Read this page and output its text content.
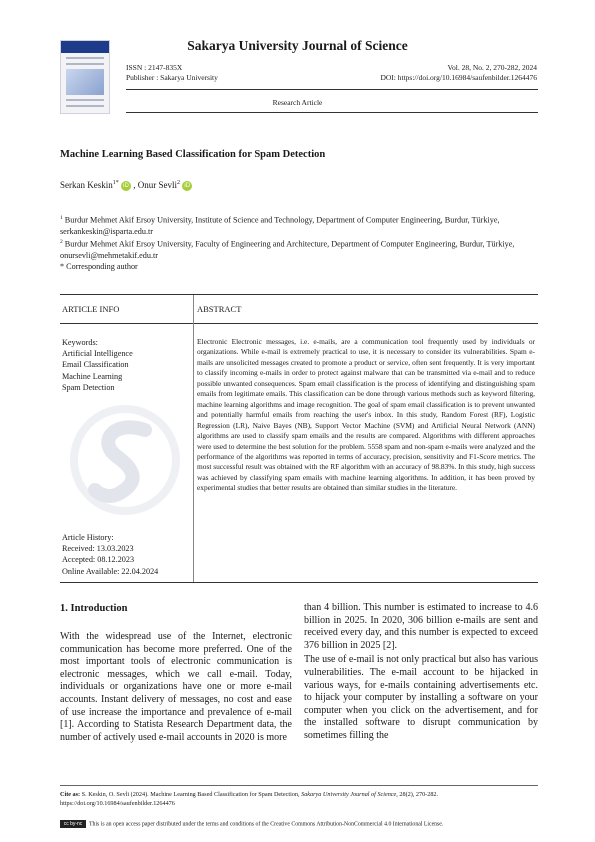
Sakarya University Journal of Science
ISSN : 2147-835X
Publisher : Sakarya University
Vol. 28, No. 2, 270-282, 2024
DOI: https://doi.org/10.16984/saufenbilder.1264476
Research Article
Machine Learning Based Classification for Spam Detection
Serkan Keskin$^{1*}$ iD , Onur Sevli$^2$ iD
$^1$ Burdur Mehmet Akif Ersoy University, Institute of Science and Technology, Department of Computer Engineering, Burdur, Türkiye, serkankeskin@isparta.edu.tr
$^2$ Burdur Mehmet Akif Ersoy University, Faculty of Engineering and Architecture, Department of Computer Engineering, Burdur, Türkiye, onursevli@mehmetakif.edu.tr
* Corresponding author
ARTICLE INFO	ABSTRACT
Keywords:
Artificial Intelligence
Email Classification
Machine Learning
Spam Detection
Article History:
Received: 13.03.2023
Accepted: 08.12.2023
Online Available: 22.04.2024
Electronic Electronic messages, i.e. e-mails, are a communication tool frequently used by individuals or organizations. While e-mail is extremely practical to use, it is necessary to consider its vulnerabilities. Spam e-mails are unsolicited messages created to promote a product or service, often sent frequently. It is very important to classify incoming e-mails in order to protect against malware that can be transmitted via e-mail and to reduce possible unwanted consequences. Spam email classification is the process of identifying and distinguishing spam emails from legitimate emails. This classification can be done through various methods such as keyword filtering, machine learning algorithms and image recognition. The goal of spam email classification is to prevent unwanted and potentially harmful emails from reaching the user's inbox. In this study, Random Forest (RF), Logistic Regression (LR), Naive Bayes (NB), Support Vector Machine (SVM) and Artificial Neural Network (ANN) algorithms are used to classify spam emails and the results are compared. Algorithms with different approaches were used to determine the best solution for the problem. 5558 spam and non-spam e-mails were analyzed and the performance of the algorithms was reported in terms of accuracy, precision, sensitivity and F1-Score metrics. The most successful result was obtained with the RF algorithm with an accuracy of 98.83%. In this study, high success was achieved by classifying spam emails with machine learning algorithms. In addition, it has been proved by experimental studies that better results are obtained than similar studies in the literature.
1. Introduction

With the widespread use of the Internet, electronic communication has become more preferred. One of the most important tools of electronic communication is electronic messages, which we call e-mail. Today, individuals or organizations have one or more e-mail accounts. Instant delivery of messages, no cost and ease of use increase the importance and prevalence of e-mail [1]. According to Statista Research Department data, the number of actively used e-mail accounts in 2020 is more

than 4 billion. This number is estimated to increase to 4.6 billion in 2025. In 2020, 306 billion e-mails are sent and received every day, and this number is expected to exceed 376 billion in 2025 [2].

The use of e-mail is not only practical but also has various vulnerabilities. The e-mail account to be hijacked in various ways, for e-mails containing advertisements etc. to hijack your computer by installing a software on your computer when you click on the advertisement, and for the installed software to disrupt communication by sometimes filling the

Cite as: S. Keskin, O. Sevli (2024). Machine Learning Based Classification for Spam Detection, Sakarya University Journal of Science, 28(2), 270-282. https://doi.org/10.16984/saufenbilder.1264476
cc by-nc This is an open access paper distributed under the terms and conditions of the Creative Commons Attribution-NonCommercial 4.0 International License.
